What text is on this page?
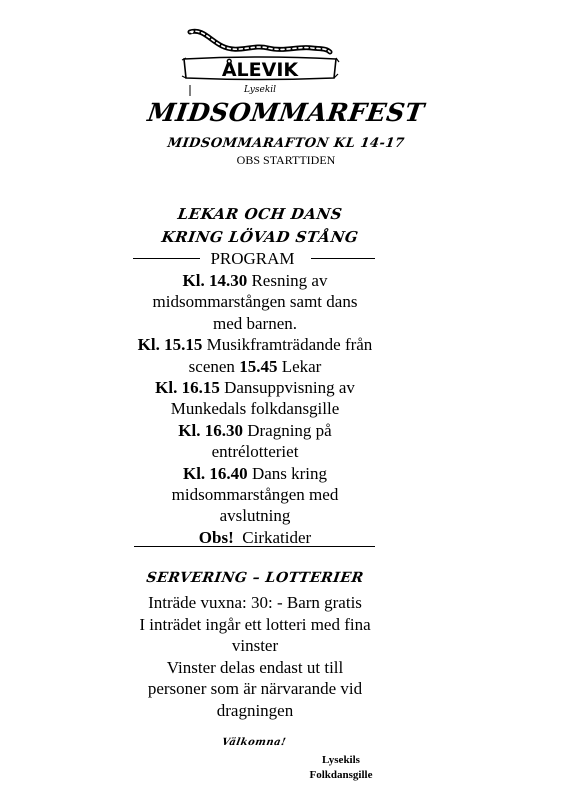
ÅLEVIK
Lysekil
MIDSOMMARFEST
MIDSOMMARAFTON KL 14-17
OBS STARTTIDEN
LEKAR OCH DANS
KRING LÖVAD STÅNG
PROGRAM
Kl. 14.30 Resning av
midsommarstången samt dans
med barnen.
Kl. 15.15 Musikframträdande från
scenen 15.45 Lekar
Kl. 16.15 Dansuppvisning av
Munkedals folkdansgille
Kl. 16.30 Dragning på
entrélotteriet
Kl. 16.40 Dans kring
midsommarstången med
avslutning
Obs!  Cirkatider
SERVERING – LOTTERIER
Inträde vuxna: 30: - Barn gratis
I inträdet ingår ett lotteri med fina
vinster
Vinster delas endast ut till
personer som är närvarande vid
dragningen
Välkomna!
Lysekils
Folkdansgille
